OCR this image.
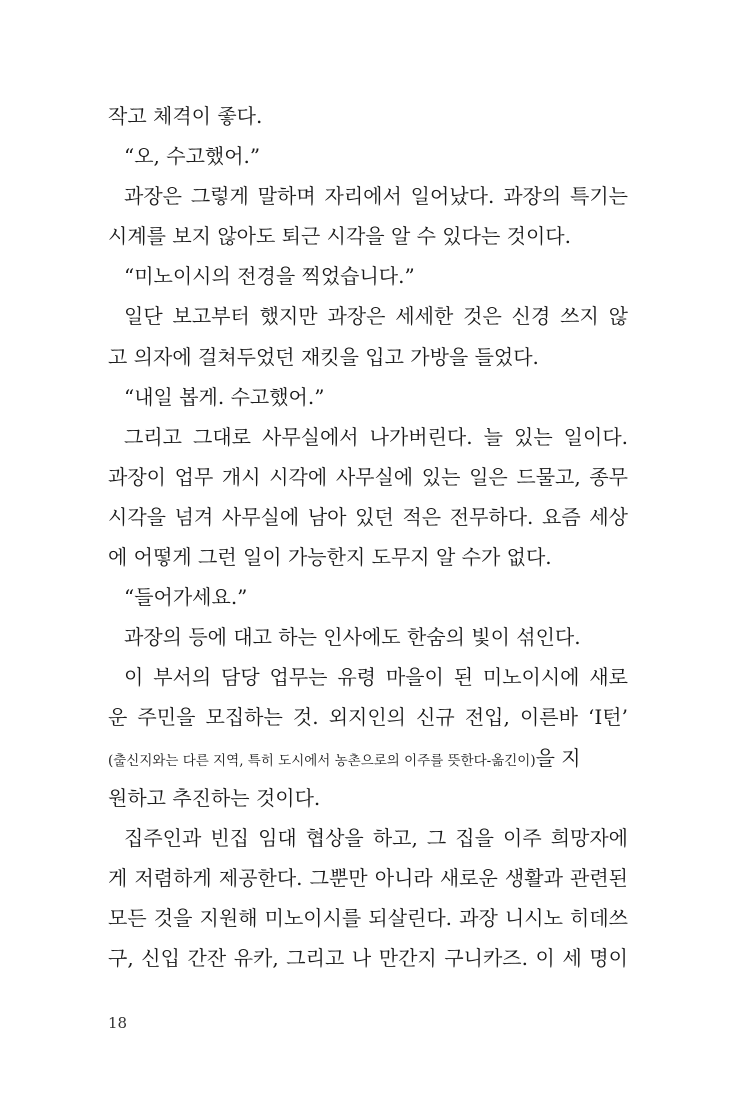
작고 체격이 좋다.
“오, 수고했어.”
과장은 그렇게 말하며 자리에서 일어났다. 과장의 특기는
시계를 보지 않아도 퇴근 시각을 알 수 있다는 것이다.
“미노이시의 전경을 찍었습니다.”
일단 보고부터 했지만 과장은 세세한 것은 신경 쓰지 않
고 의자에 걸쳐두었던 재킷을 입고 가방을 들었다.
“내일 봅게. 수고했어.”
그리고 그대로 사무실에서 나가버린다. 늘 있는 일이다.
과장이 업무 개시 시각에 사무실에 있는 일은 드물고, 종무
시각을 넘겨 사무실에 남아 있던 적은 전무하다. 요즘 세상
에 어떻게 그런 일이 가능한지 도무지 알 수가 없다.
“들어가세요.”
과장의 등에 대고 하는 인사에도 한숨의 빛이 섞인다.
이 부서의 담당 업무는 유령 마을이 된 미노이시에 새로
운 주민을 모집하는 것. 외지인의 신규 전입, 이른바 ‘I턴’
(출신지와는 다른 지역, 특히 도시에서 농촌으로의 이주를 뜻한다-옮긴이)을 지
원하고 추진하는 것이다.
집주인과 빈집 임대 협상을 하고, 그 집을 이주 희망자에
게 저렴하게 제공한다. 그뿐만 아니라 새로운 생활과 관련된
모든 것을 지원해 미노이시를 되살린다. 과장 니시노 히데쓰
구, 신입 간잔 유카, 그리고 나 만간지 구니카즈. 이 세 명이
18
